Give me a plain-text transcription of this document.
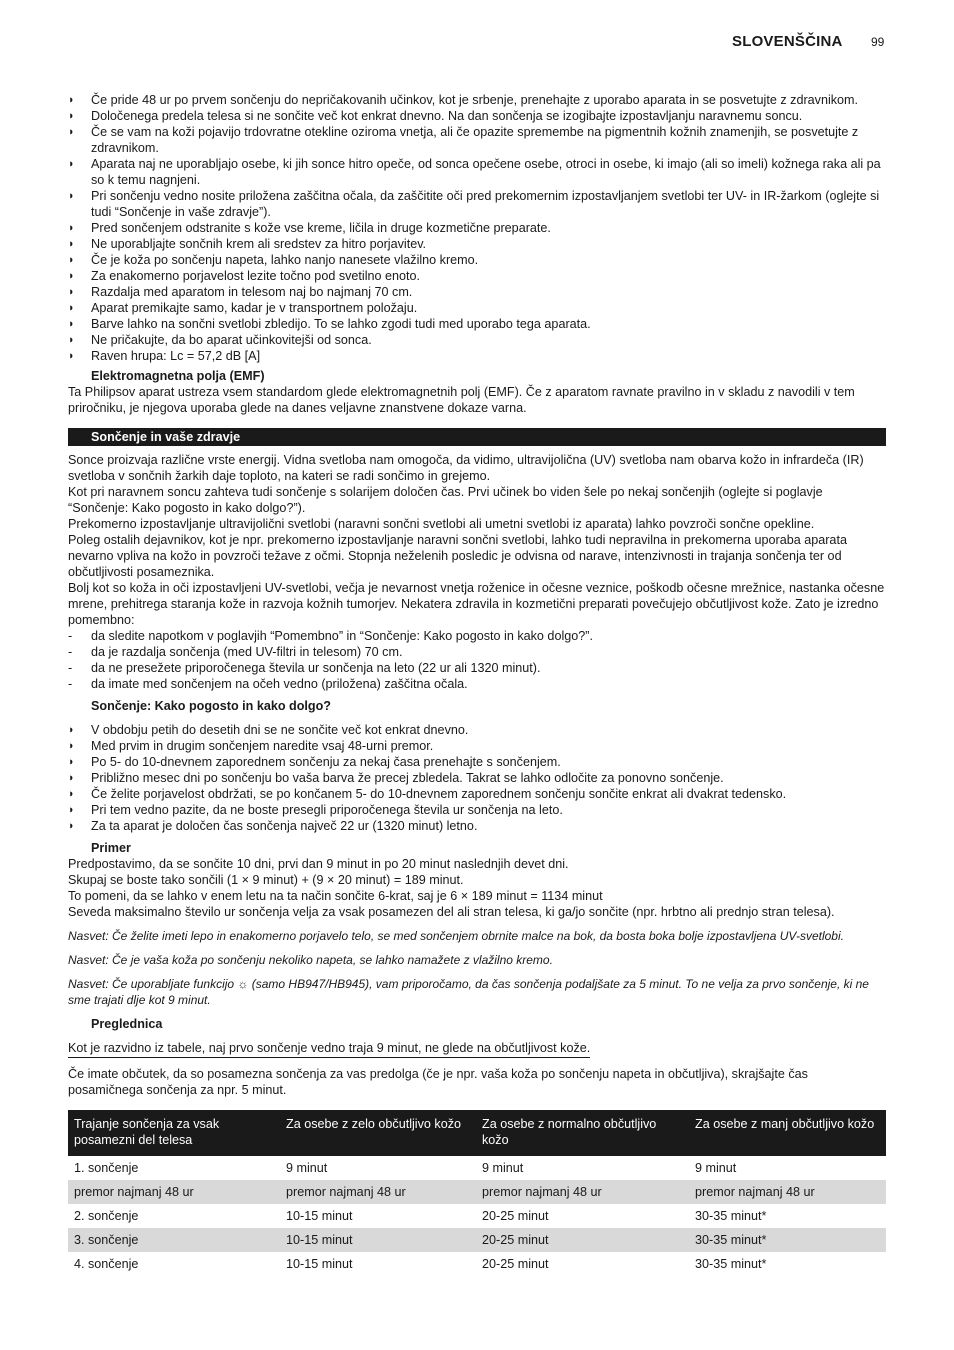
SLOVENŠČINA 99
◗ Če pride 48 ur po prvem sončenju do nepričakovanih učinkov, kot je srbenje, prenehajte z uporabo aparata in se posvetujte z zdravnikom.
◗ Določenega predela telesa si ne sončite več kot enkrat dnevno. Na dan sončenja se izogibajte izpostavljanju naravnemu soncu.
◗ Če se vam na koži pojavijo trdovratne otekline oziroma vnetja, ali če opazite spremembe na pigmentnih kožnih znamenjih, se posvetujte z zdravnikom.
◗ Aparata naj ne uporabljajo osebe, ki jih sonce hitro opeče, od sonca opečene osebe, otroci in osebe, ki imajo (ali so imeli) kožnega raka ali pa so k temu nagnjeni.
◗ Pri sončenju vedno nosite priložena zaščitna očala, da zaščitite oči pred prekomernim izpostavljanjem svetlobi ter UV- in IR-žarkom (oglejte si tudi “Sončenje in vaše zdravje”).
◗ Pred sončenjem odstranite s kože vse kreme, ličila in druge kozmetične preparate.
◗ Ne uporabljajte sončnih krem ali sredstev za hitro porjavitev.
◗ Če je koža po sončenju napeta, lahko nanjo nanesete vlažilno kremo.
◗ Za enakomerno porjavelost lezite točno pod svetilno enoto.
◗ Razdalja med aparatom in telesom naj bo najmanj 70 cm.
◗ Aparat premikajte samo, kadar je v transportnem položaju.
◗ Barve lahko na sončni svetlobi zbledijo. To se lahko zgodi tudi med uporabo tega aparata.
◗ Ne pričakujte, da bo aparat učinkovitejši od sonca.
◗ Raven hrupa: Lc = 57,2 dB [A]
Elektromagnetna polja (EMF)

Ta Philipsov aparat ustreza vsem standardom glede elektromagnetnih polj (EMF). Če z aparatom ravnate pravilno in v skladu z navodili v tem priročniku, je njegova uporaba glede na danes veljavne znanstvene dokaze varna.

Sončenje in vaše zdravje

Sonce proizvaja različne vrste energij. Vidna svetloba nam omogoča, da vidimo, ultravijolična (UV) svetloba nam obarva kožo in infrardeča (IR) svetloba v sončnih žarkih daje toploto, na kateri se radi sončimo in grejemo.

Kot pri naravnem soncu zahteva tudi sončenje s solarijem določen čas. Prvi učinek bo viden šele po nekaj sončenjih (oglejte si poglavje “Sončenje: Kako pogosto in kako dolgo?”).

Prekomerno izpostavljanje ultravijolični svetlobi (naravni sončni svetlobi ali umetni svetlobi iz aparata) lahko povzroči sončne opekline.

Poleg ostalih dejavnikov, kot je npr. prekomerno izpostavljanje naravni sončni svetlobi, lahko tudi nepravilna in prekomerna uporaba aparata nevarno vpliva na kožo in povzroči težave z očmi. Stopnja neželenih posledic je odvisna od narave, intenzivnosti in trajanja sončenja ter od občutljivosti posameznika.

Bolj kot so koža in oči izpostavljeni UV-svetlobi, večja je nevarnost vnetja roženice in očesne veznice, poškodb očesne mrežnice, nastanka očesne mrene, prehitrega staranja kože in razvoja kožnih tumorjev. Nekatera zdravila in kozmetični preparati povečujejo občutljivost kože. Zato je izredno pomembno:

- da sledite napotkom v poglavjih “Pomembno” in “Sončenje: Kako pogosto in kako dolgo?”.
- da je razdalja sončenja (med UV-filtri in telesom) 70 cm.
- da ne presežete priporočenega števila ur sončenja na leto (22 ur ali 1320 minut).
- da imate med sončenjem na očeh vedno (priložena) zaščitna očala.
Sončenje: Kako pogosto in kako dolgo?
◗ V obdobju petih do desetih dni se ne sončite več kot enkrat dnevno.
◗ Med prvim in drugim sončenjem naredite vsaj 48-urni premor.
◗ Po 5- do 10-dnevnem zaporednem sončenju za nekaj časa prenehajte s sončenjem.
◗ Približno mesec dni po sončenju bo vaša barva že precej zbledela. Takrat se lahko odločite za ponovno sončenje.
◗ Če želite porjavelost obdržati, se po končanem 5- do 10-dnevnem zaporednem sončenju sončite enkrat ali dvakrat tedensko.
◗ Pri tem vedno pazite, da ne boste presegli priporočenega števila ur sončenja na leto.
◗ Za ta aparat je določen čas sončenja največ 22 ur (1320 minut) letno.
Primer

Predpostavimo, da se sončite 10 dni, prvi dan 9 minut in po 20 minut naslednjih devet dni.

Skupaj se boste tako sončili (1 × 9 minut) + (9 × 20 minut) = 189 minut.

To pomeni, da se lahko v enem letu na ta način sončite 6-krat, saj je 6 × 189 minut = 1134 minut

Seveda maksimalno število ur sončenja velja za vsak posamezen del ali stran telesa, ki ga/jo sončite (npr. hrbtno ali prednjo stran telesa).

Nasvet: Če želite imeti lepo in enakomerno porjavelo telo, se med sončenjem obrnite malce na bok, da bosta boka bolje izpostavljena UV-svetlobi.

Nasvet: Če je vaša koža po sončenju nekoliko napeta, se lahko namažete z vlažilno kremo.

Nasvet: Če uporabljate funkcijo ☼ (samo HB947/HB945), vam priporočamo, da čas sončenja podaljšate za 5 minut. To ne velja za prvo sončenje, ki ne sme trajati dlje kot 9 minut.

Preglednica

Kot je razvidno iz tabele, naj prvo sončenje vedno traja 9 minut, ne glede na občutljivost kože.

Če imate občutek, da so posamezna sončenja za vas predolga (če je npr. vaša koža po sončenju napeta in občutljiva), skrajšajte čas posamičnega sončenja za npr. 5 minut.

Trajanje sončenja za vsak posamezni del telesa	Za osebe z zelo občutljivo kožo	Za osebe z normalno občutljivo kožo	Za osebe z manj občutljivo kožo
1. sončenje	9 minut	9 minut	9 minut
premor najmanj 48 ur	premor najmanj 48 ur	premor najmanj 48 ur	premor najmanj 48 ur
2. sončenje	10-15 minut	20-25 minut	30-35 minut*
3. sončenje	10-15 minut	20-25 minut	30-35 minut*
4. sončenje	10-15 minut	20-25 minut	30-35 minut*
